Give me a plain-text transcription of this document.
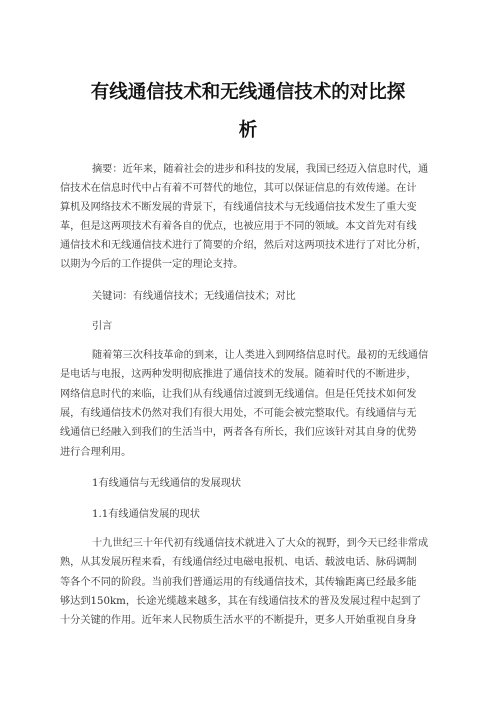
有线通信技术和无线通信技术的对比探
析
摘要：近年来，随着社会的进步和科技的发展，我国已经迈入信息时代，通
信技术在信息时代中占有着不可替代的地位，其可以保证信息的有效传递。在计
算机及网络技术不断发展的背景下，有线通信技术与无线通信技术发生了重大变
革，但是这两项技术有着各自的优点，也被应用于不同的领域。本文首先对有线
通信技术和无线通信技术进行了简要的介绍，然后对这两项技术进行了对比分析，
以期为今后的工作提供一定的理论支持。
关键词：有线通信技术；无线通信技术；对比
引言
随着第三次科技革命的到来，让人类进入到网络信息时代。最初的无线通信
是电话与电报，这两种发明彻底推进了通信技术的发展。随着时代的不断进步，
网络信息时代的来临，让我们从有线通信过渡到无线通信。但是任凭技术如何发
展，有线通信技术仍然对我们有很大用处，不可能会被完整取代。有线通信与无
线通信已经融入到我们的生活当中，两者各有所长，我们应该针对其自身的优势
进行合理利用。
1有线通信与无线通信的发展现状
1.1有线通信发展的现状
十九世纪三十年代初有线通信技术就进入了大众的视野，到今天已经非常成
熟，从其发展历程来看，有线通信经过电磁电报机、电话、载波电话、脉码调制
等各个不同的阶段。当前我们普通运用的有线通信技术，其传输距离已经最多能
够达到150km，长途光缆越来越多，其在有线通信技术的普及发展过程中起到了
十分关键的作用。近年来人民物质生活水平的不断提升，更多人开始重视自身身
